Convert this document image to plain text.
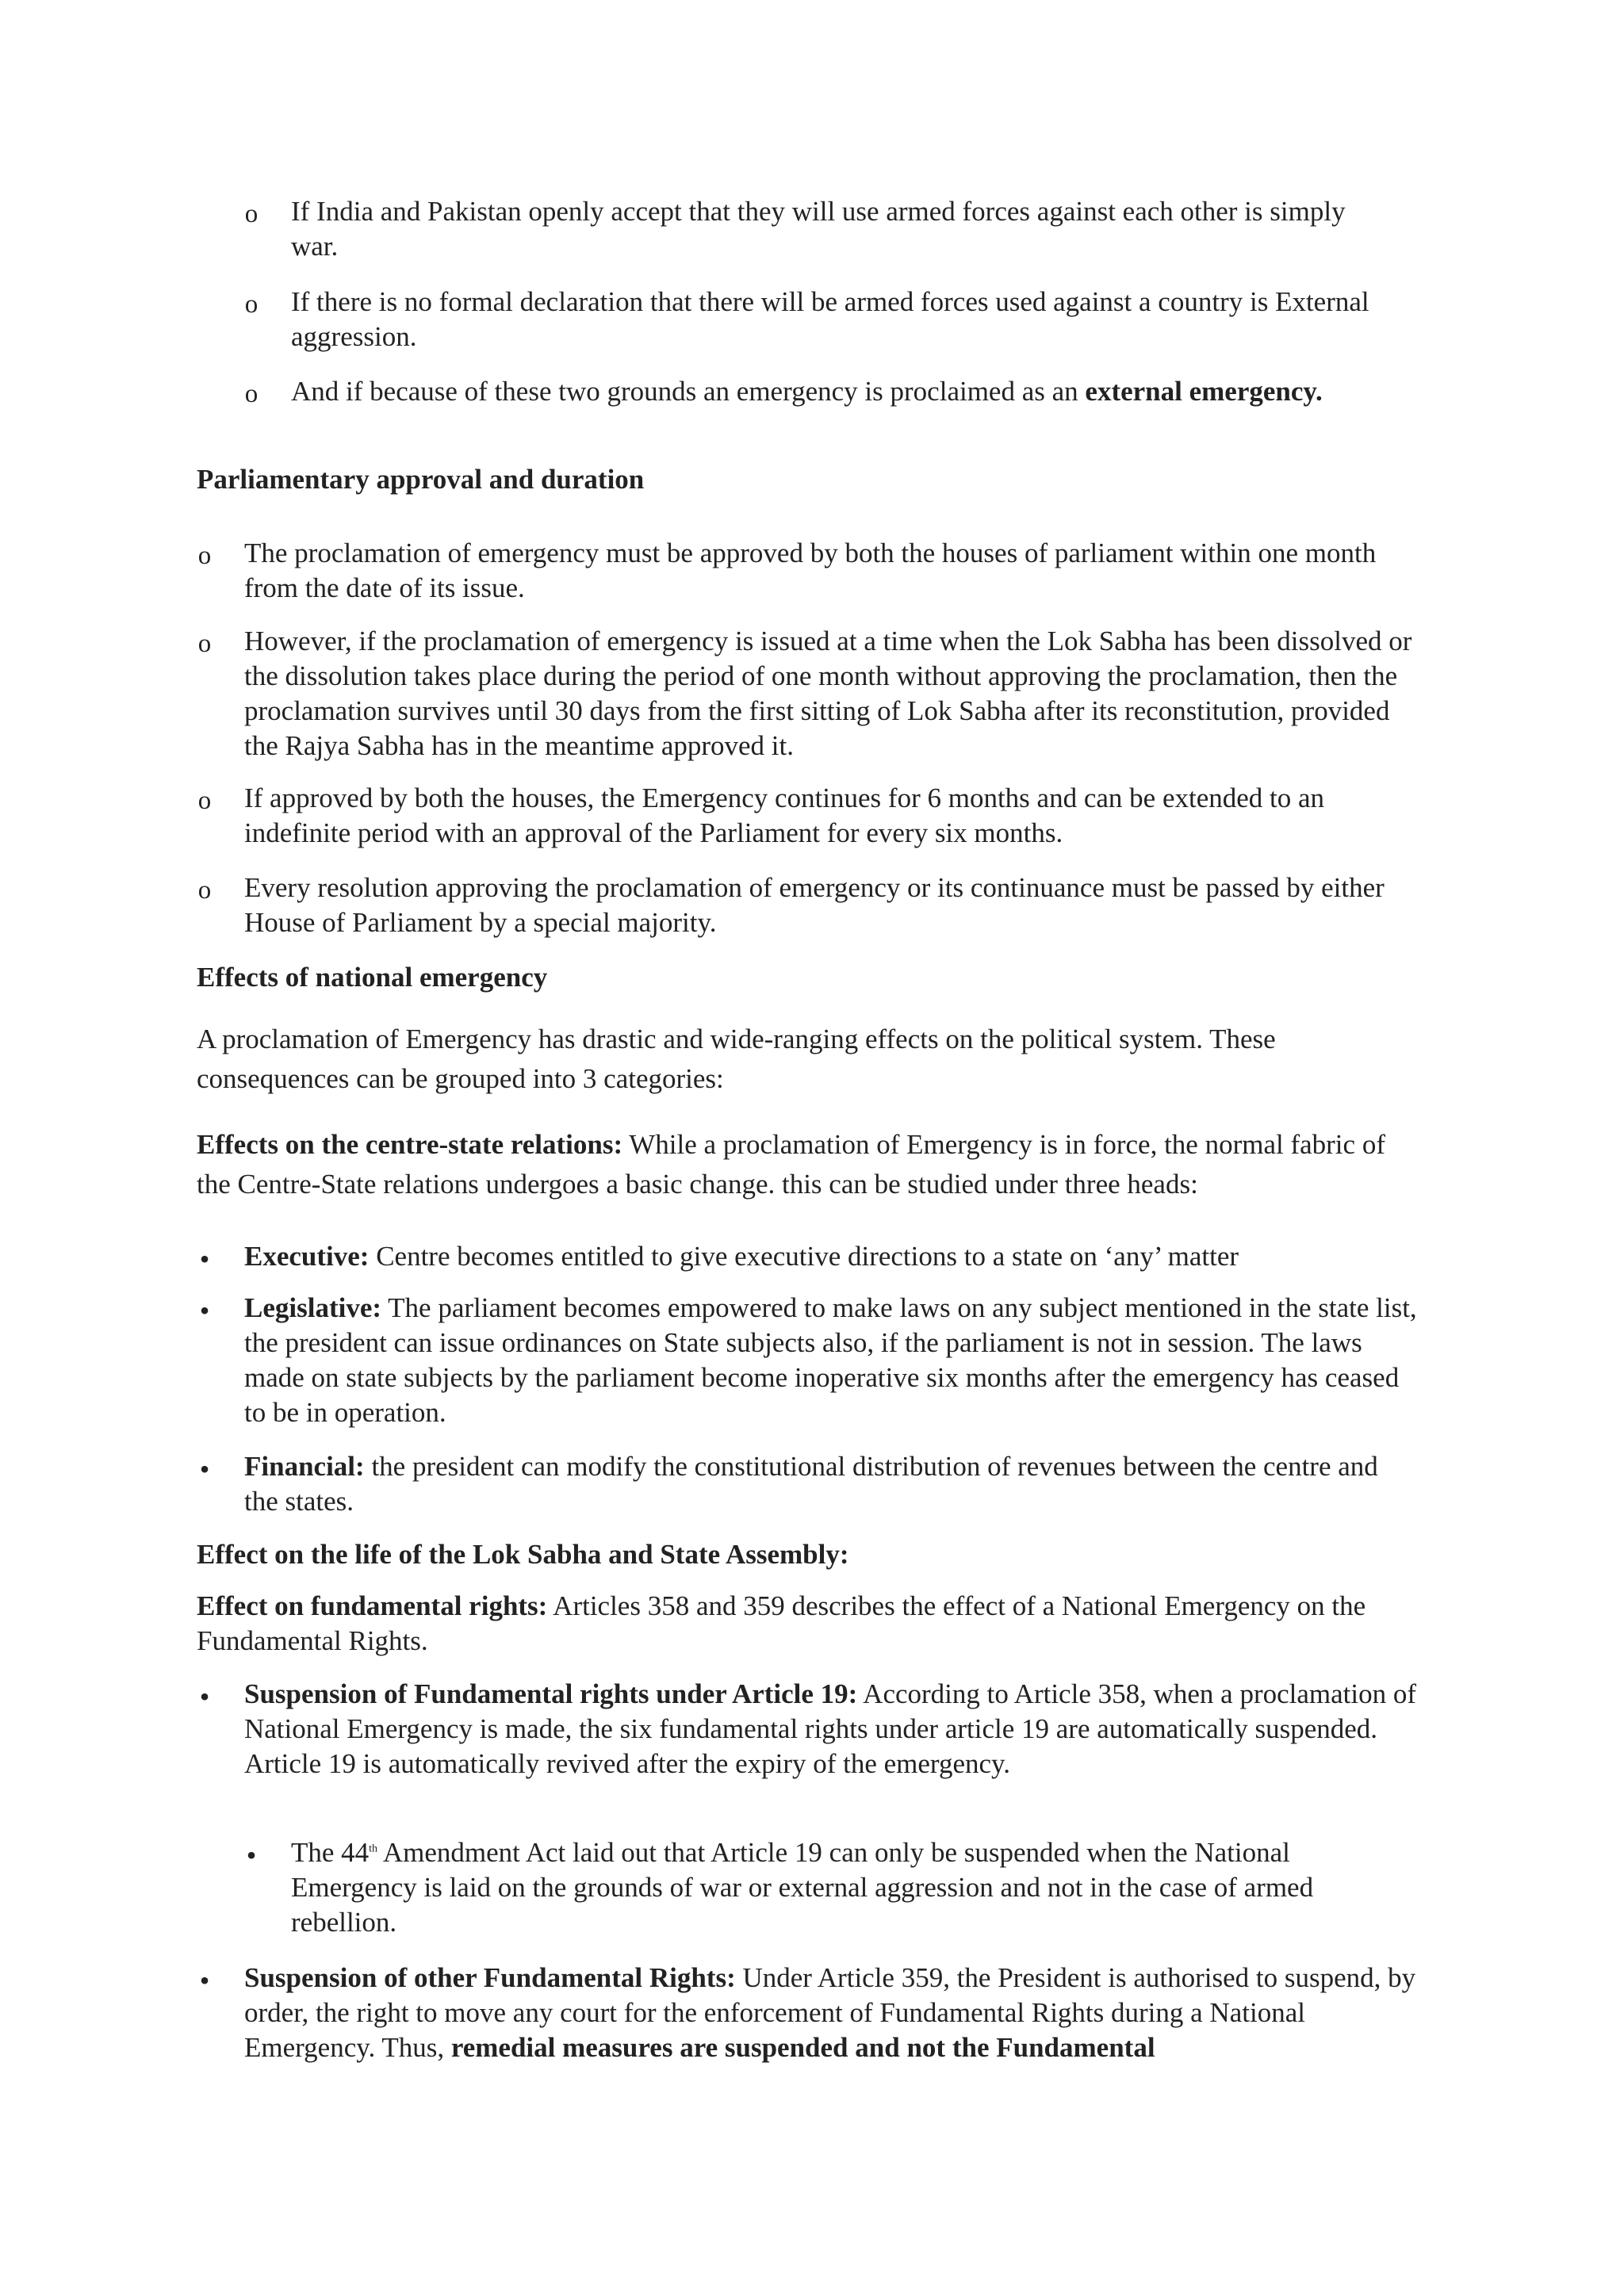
o If India and Pakistan openly accept that they will use armed forces against each other is simply war.

o If there is no formal declaration that there will be armed forces used against a country is External aggression.

o And if because of these two grounds an emergency is proclaimed as an external emergency.

Parliamentary approval and duration

o The proclamation of emergency must be approved by both the houses of parliament within one month from the date of its issue.

o However, if the proclamation of emergency is issued at a time when the Lok Sabha has been dissolved or the dissolution takes place during the period of one month without approving the proclamation, then the proclamation survives until 30 days from the first sitting of Lok Sabha after its reconstitution, provided the Rajya Sabha has in the meantime approved it.

o If approved by both the houses, the Emergency continues for 6 months and can be extended to an indefinite period with an approval of the Parliament for every six months.

o Every resolution approving the proclamation of emergency or its continuance must be passed by either House of Parliament by a special majority.

Effects of national emergency

A proclamation of Emergency has drastic and wide-ranging effects on the political system. These consequences can be grouped into 3 categories:

Effects on the centre-state relations: While a proclamation of Emergency is in force, the normal fabric of the Centre-State relations undergoes a basic change. this can be studied under three heads:

• Executive: Centre becomes entitled to give executive directions to a state on ‘any’ matter

• Legislative: The parliament becomes empowered to make laws on any subject mentioned in the state list, the president can issue ordinances on State subjects also, if the parliament is not in session. The laws made on state subjects by the parliament become inoperative six months after the emergency has ceased to be in operation.

• Financial: the president can modify the constitutional distribution of revenues between the centre and the states.

Effect on the life of the Lok Sabha and State Assembly:

Effect on fundamental rights: Articles 358 and 359 describes the effect of a National Emergency on the Fundamental Rights.

• Suspension of Fundamental rights under Article 19: According to Article 358, when a proclamation of National Emergency is made, the six fundamental rights under article 19 are automatically suspended. Article 19 is automatically revived after the expiry of the emergency.

• The 44th Amendment Act laid out that Article 19 can only be suspended when the National Emergency is laid on the grounds of war or external aggression and not in the case of armed rebellion.

• Suspension of other Fundamental Rights: Under Article 359, the President is authorised to suspend, by order, the right to move any court for the enforcement of Fundamental Rights during a National Emergency. Thus, remedial measures are suspended and not the Fundamental
